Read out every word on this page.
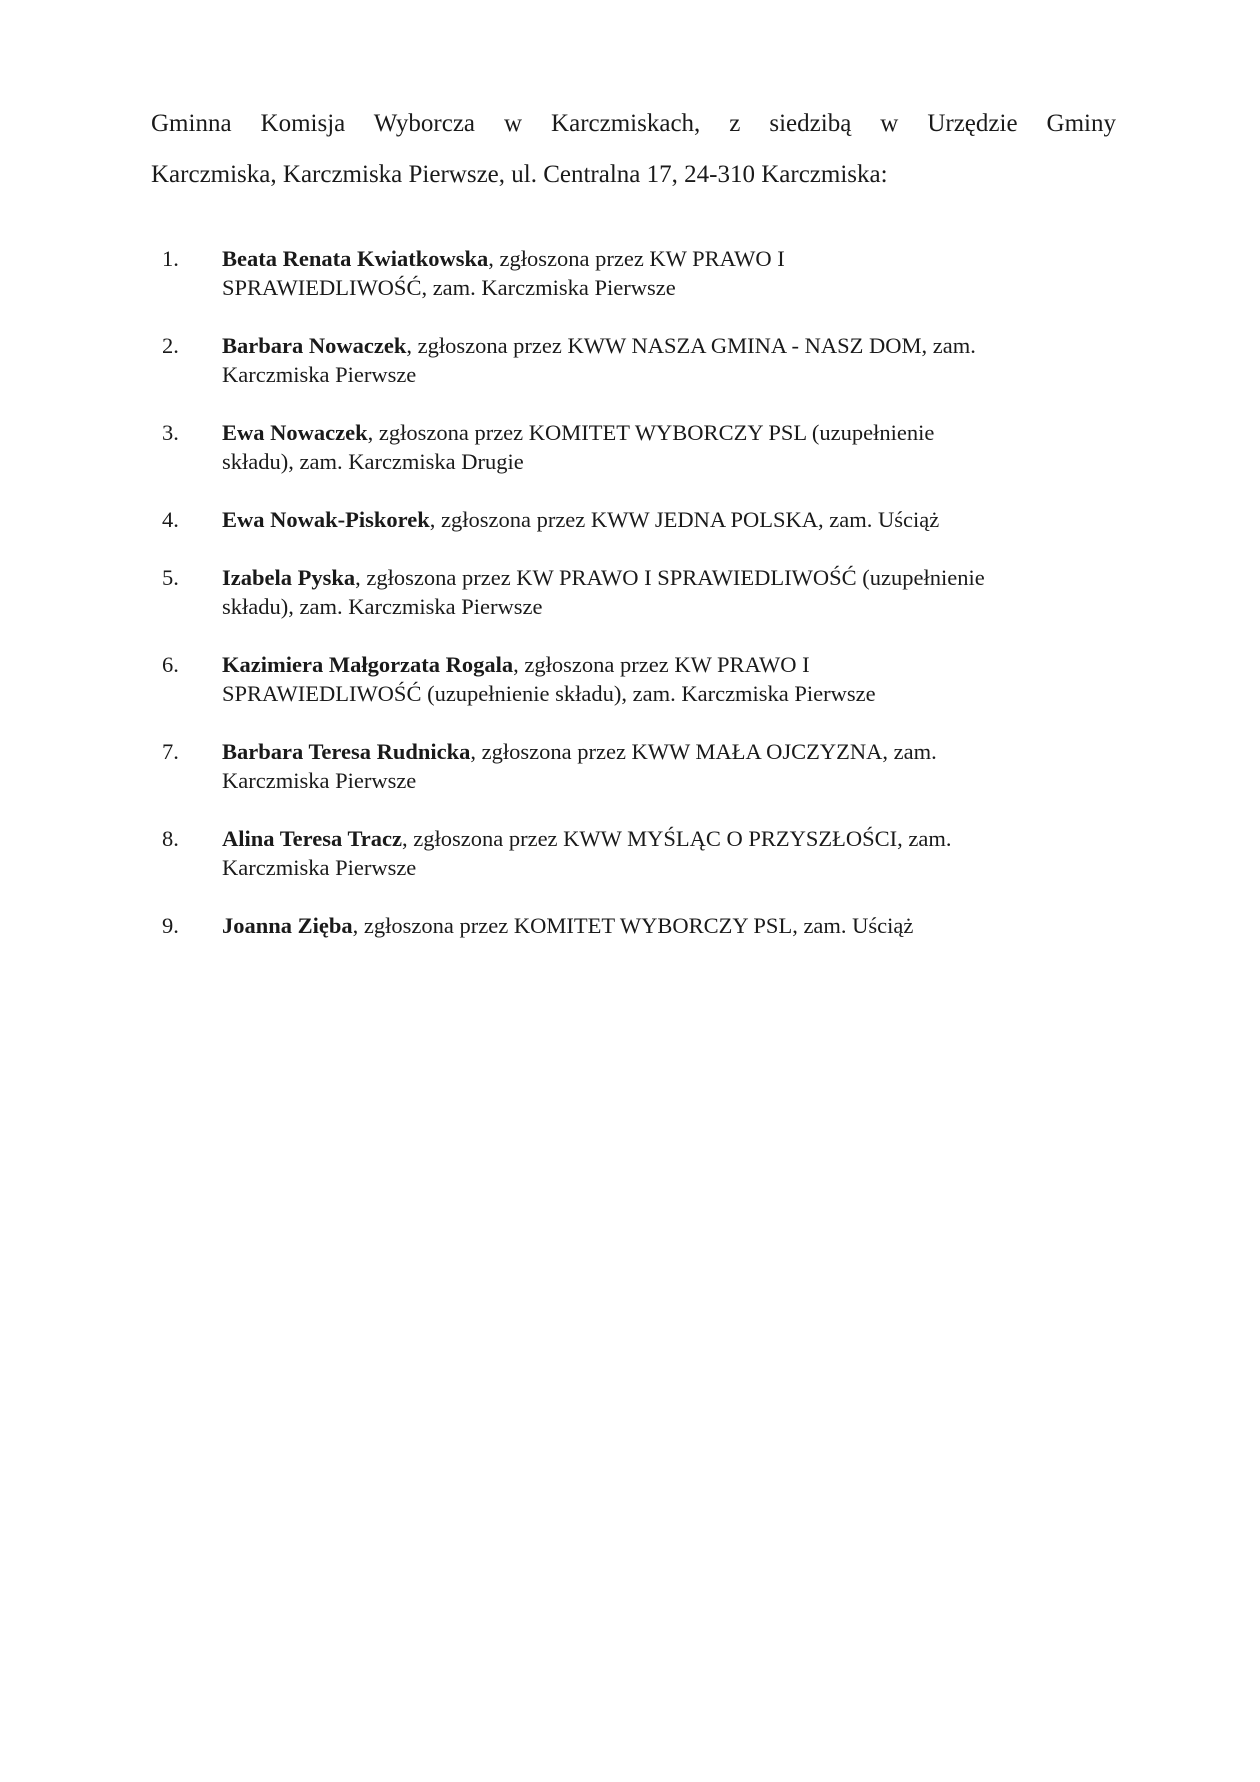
Gminna Komisja Wyborcza w Karczmiskach, z siedzibą w Urzędzie Gminy
Karczmiska, Karczmiska Pierwsze, ul. Centralna 17, 24-310 Karczmiska:
1. Beata Renata Kwiatkowska, zgłoszona przez KW PRAWO I
SPRAWIEDLIWOŚĆ, zam. Karczmiska Pierwsze
2. Barbara Nowaczek, zgłoszona przez KWW NASZA GMINA - NASZ DOM, zam.
Karczmiska Pierwsze
3. Ewa Nowaczek, zgłoszona przez KOMITET WYBORCZY PSL (uzupełnienie
składu), zam. Karczmiska Drugie
4. Ewa Nowak-Piskorek, zgłoszona przez KWW JEDNA POLSKA, zam. Uściąż
5. Izabela Pyska, zgłoszona przez KW PRAWO I SPRAWIEDLIWOŚĆ (uzupełnienie
składu), zam. Karczmiska Pierwsze
6. Kazimiera Małgorzata Rogala, zgłoszona przez KW PRAWO I
SPRAWIEDLIWOŚĆ (uzupełnienie składu), zam. Karczmiska Pierwsze
7. Barbara Teresa Rudnicka, zgłoszona przez KWW MAŁA OJCZYZNA, zam.
Karczmiska Pierwsze
8. Alina Teresa Tracz, zgłoszona przez KWW MYŚLĄC O PRZYSZŁOŚCI, zam.
Karczmiska Pierwsze
9. Joanna Zięba, zgłoszona przez KOMITET WYBORCZY PSL, zam. Uściąż
